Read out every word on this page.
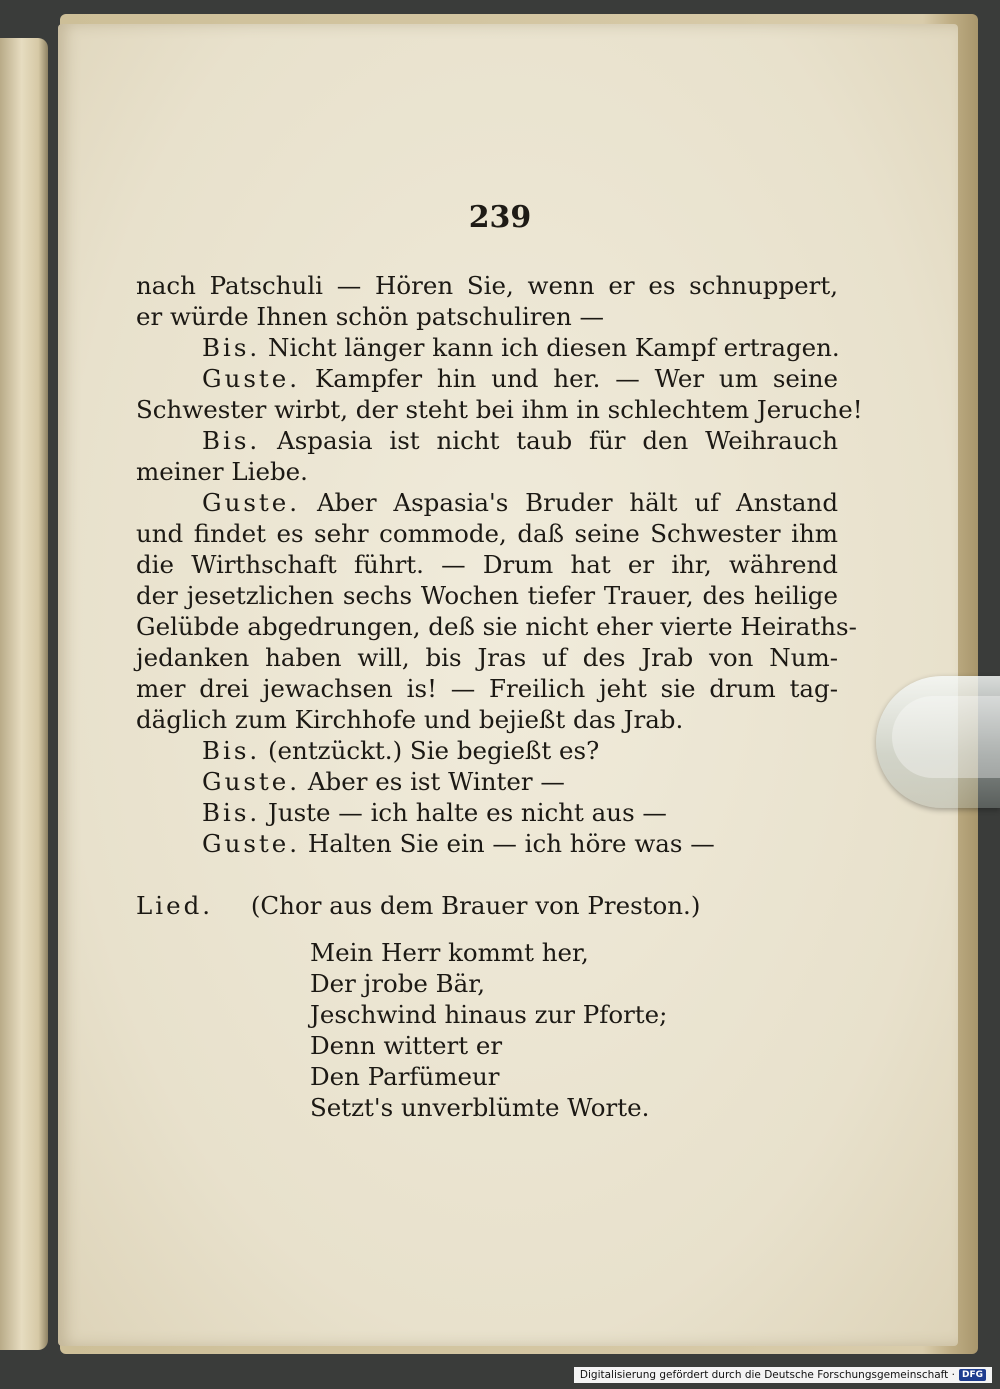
239
nach Patschuli — Hören Sie, wenn er es schnuppert,
er würde Ihnen schön patschuliren —
Bis. Nicht länger kann ich diesen Kampf ertragen.
Guste. Kampfer hin und her. — Wer um seine
Schwester wirbt, der steht bei ihm in schlechtem Jeruche!
Bis. Aspasia ist nicht taub für den Weihrauch
meiner Liebe.
Guste. Aber Aspasia's Bruder hält uf Anstand
und findet es sehr commode, daß seine Schwester ihm
die Wirthschaft führt. — Drum hat er ihr, während
der jesetzlichen sechs Wochen tiefer Trauer, des heilige
Gelübde abgedrungen, deß sie nicht eher vierte Heiraths-
jedanken haben will, bis Jras uf des Jrab von Num-
mer drei jewachsen is! — Freilich jeht sie drum tag-
däglich zum Kirchhofe und bejießt das Jrab.
Bis. (entzückt.) Sie begießt es?
Guste. Aber es ist Winter —
Bis. Juste — ich halte es nicht aus —
Guste. Halten Sie ein — ich höre was —
Lied. (Chor aus dem Brauer von Preston.)
Mein Herr kommt her,
Der jrobe Bär,
Jeschwind hinaus zur Pforte;
Denn wittert er
Den Parfümeur
Setzt's unverblümte Worte.
Digitalisierung gefördert durch die Deutsche Forschungsgemeinschaft · DFG
